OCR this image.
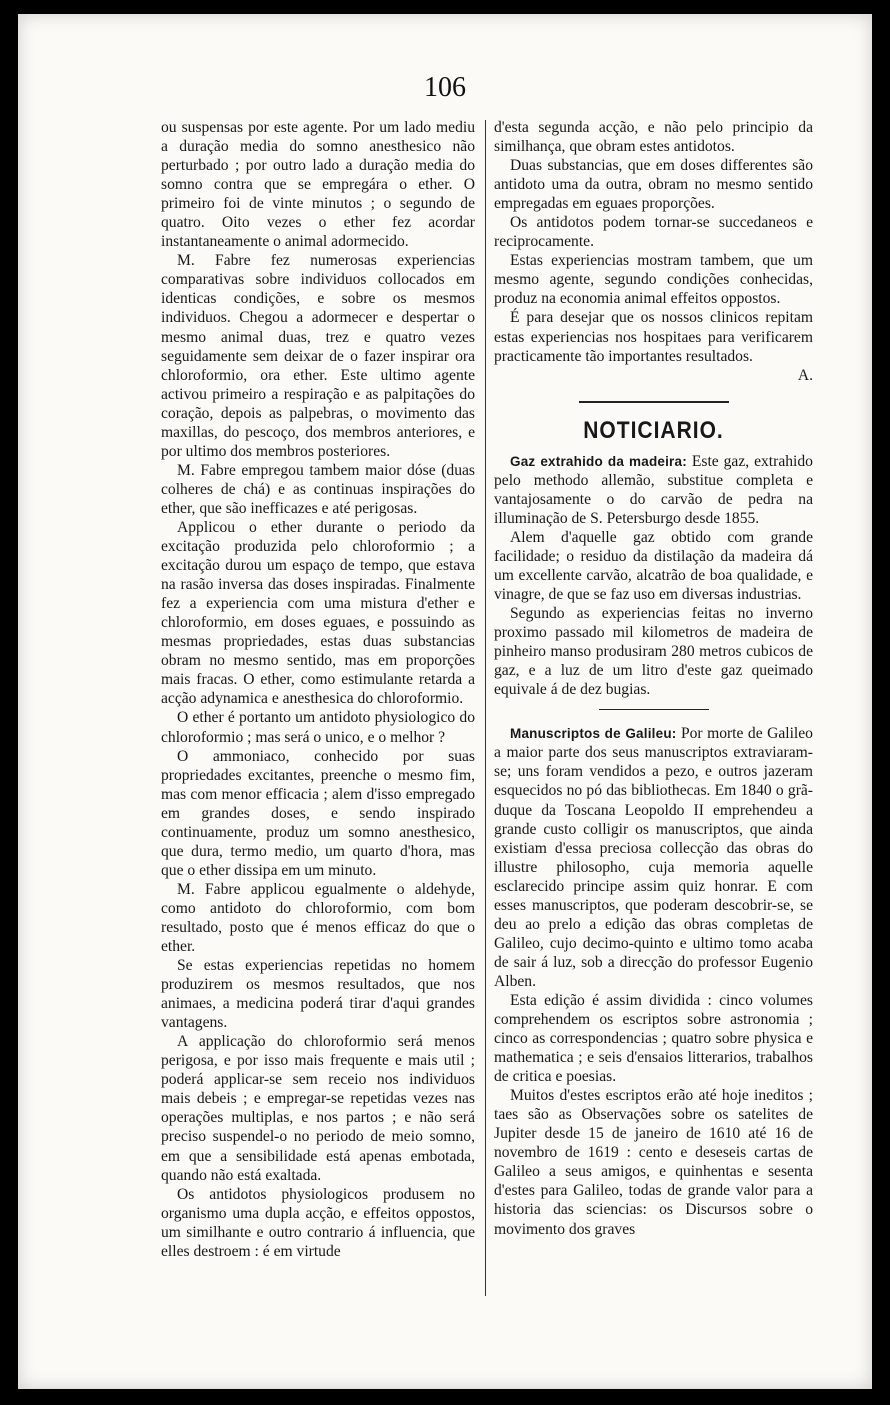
106

ou suspensas por este agente. Por um lado mediu a duração media do somno anesthesico não perturbado ; por outro lado a duração media do somno contra que se empregára o ether. O primeiro foi de vinte minutos ; o segundo de quatro. Oito vezes o ether fez acordar instantaneamente o animal adormecido.

M. Fabre fez numerosas experiencias comparativas sobre individuos collocados em identicas condições, e sobre os mesmos individuos. Chegou a adormecer e despertar o mesmo animal duas, trez e quatro vezes seguidamente sem deixar de o fazer inspirar ora chloroformio, ora ether. Este ultimo agente activou primeiro a respiração e as palpitações do coração, depois as palpebras, o movimento das maxillas, do pescoço, dos membros anteriores, e por ultimo dos membros posteriores.

M. Fabre empregou tambem maior dóse (duas colheres de chá) e as continuas inspirações do ether, que são inefficazes e até perigosas.

Applicou o ether durante o periodo da excitação produzida pelo chloroformio ; a excitação durou um espaço de tempo, que estava na rasão inversa das doses inspiradas. Finalmente fez a experiencia com uma mistura d'ether e chloroformio, em doses eguaes, e possuindo as mesmas propriedades, estas duas substancias obram no mesmo sentido, mas em proporções mais fracas. O ether, como estimulante retarda a acção adynamica e anesthesica do chloroformio.

O ether é portanto um antidoto physiologico do chloroformio ; mas será o unico, e o melhor ?

O ammoniaco, conhecido por suas propriedades excitantes, preenche o mesmo fim, mas com menor efficacia ; alem d'isso empregado em grandes doses, e sendo inspirado continuamente, produz um somno anesthesico, que dura, termo medio, um quarto d'hora, mas que o ether dissipa em um minuto.

M. Fabre applicou egualmente o aldehyde, como antidoto do chloroformio, com bom resultado, posto que é menos efficaz do que o ether.

Se estas experiencias repetidas no homem produzirem os mesmos resultados, que nos animaes, a medicina poderá tirar d'aqui grandes vantagens.

A applicação do chloroformio será menos perigosa, e por isso mais frequente e mais util ; poderá applicar-se sem receio nos individuos mais debeis ; e empregar-se repetidas vezes nas operações multiplas, e nos partos ; e não será preciso suspendel-o no periodo de meio somno, em que a sensibilidade está apenas embotada, quando não está exaltada.

Os antidotos physiologicos produsem no organismo uma dupla acção, e effeitos oppostos, um similhante e outro contrario á influencia, que elles destroem : é em virtude

d'esta segunda acção, e não pelo principio da similhança, que obram estes antidotos.

Duas substancias, que em doses differentes são antidoto uma da outra, obram no mesmo sentido empregadas em eguaes proporções.

Os antidotos podem tornar-se succedaneos e reciprocamente.

Estas experiencias mostram tambem, que um mesmo agente, segundo condições conhecidas, produz na economia animal effeitos oppostos.

É para desejar que os nossos clinicos repitam estas experiencias nos hospitaes para verificarem practicamente tão importantes resultados.

A.
NOTICIARIO.

Gaz extrahido da madeira: Este gaz, extrahido pelo methodo allemão, substitue completa e vantajosamente o do carvão de pedra na illuminação de S. Petersburgo desde 1855.

Alem d'aquelle gaz obtido com grande facilidade; o residuo da distilação da madeira dá um excellente carvão, alcatrão de boa qualidade, e vinagre, de que se faz uso em diversas industrias.

Segundo as experiencias feitas no inverno proximo passado mil kilometros de madeira de pinheiro manso produsiram 280 metros cubicos de gaz, e a luz de um litro d'este gaz queimado equivale á de dez bugias.

Manuscriptos de Galileu: Por morte de Galileo a maior parte dos seus manuscriptos extraviaram-se; uns foram vendidos a pezo, e outros jazeram esquecidos no pó das bibliothecas. Em 1840 o grã-duque da Toscana Leopoldo II emprehendeu a grande custo colligir os manuscriptos, que ainda existiam d'essa preciosa collecção das obras do illustre philosopho, cuja memoria aquelle esclarecido principe assim quiz honrar. E com esses manuscriptos, que poderam descobrir-se, se deu ao prelo a edição das obras completas de Galileo, cujo decimo-quinto e ultimo tomo acaba de sair á luz, sob a direcção do professor Eugenio Alben.

Esta edição é assim dividida : cinco volumes comprehendem os escriptos sobre astronomia ; cinco as correspondencias ; quatro sobre physica e mathematica ; e seis d'ensaios litterarios, trabalhos de critica e poesias.

Muitos d'estes escriptos erão até hoje ineditos ; taes são as Observações sobre os satelites de Jupiter desde 15 de janeiro de 1610 até 16 de novembro de 1619 : cento e deseseis cartas de Galileo a seus amigos, e quinhentas e sesenta d'estes para Galileo, todas de grande valor para a historia das sciencias: os Discursos sobre o movimento dos graves
